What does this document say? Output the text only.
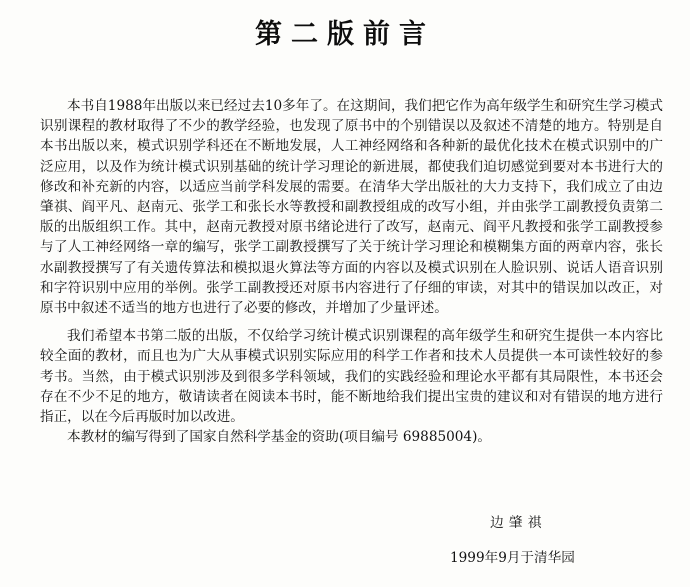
第二版前言

本书自1988年出版以来已经过去10多年了。在这期间，我们把它作为高年级学生和研究生学习模式识别课程的教材取得了不少的教学经验，也发现了原书中的个别错误以及叙述不清楚的地方。特别是自本书出版以来，模式识别学科还在不断地发展，人工神经网络和各种新的最优化技术在模式识别中的广泛应用，以及作为统计模式识别基础的统计学习理论的新进展，都使我们迫切感觉到要对本书进行大的修改和补充新的内容，以适应当前学科发展的需要。在清华大学出版社的大力支持下，我们成立了由边肇祺、阎平凡、赵南元、张学工和张长水等教授和副教授组成的改写小组，并由张学工副教授负责第二版的出版组织工作。其中，赵南元教授对原书绪论进行了改写，赵南元、阎平凡教授和张学工副教授参与了人工神经网络一章的编写，张学工副教授撰写了关于统计学习理论和模糊集方面的两章内容，张长水副教授撰写了有关遗传算法和模拟退火算法等方面的内容以及模式识别在人脸识别、说话人语音识别和字符识别中应用的举例。张学工副教授还对原书内容进行了仔细的审读，对其中的错误加以改正，对原书中叙述不适当的地方也进行了必要的修改，并增加了少量评述。

我们希望本书第二版的出版，不仅给学习统计模式识别课程的高年级学生和研究生提供一本内容比较全面的教材，而且也为广大从事模式识别实际应用的科学工作者和技术人员提供一本可读性较好的参考书。当然，由于模式识别涉及到很多学科领域，我们的实践经验和理论水平都有其局限性，本书还会存在不少不足的地方，敬请读者在阅读本书时，能不断地给我们提出宝贵的建议和对有错误的地方进行指正，以在今后再版时加以改进。

本教材的编写得到了国家自然科学基金的资助(项目编号 69885004)。

边肇祺
1999年9月于清华园
